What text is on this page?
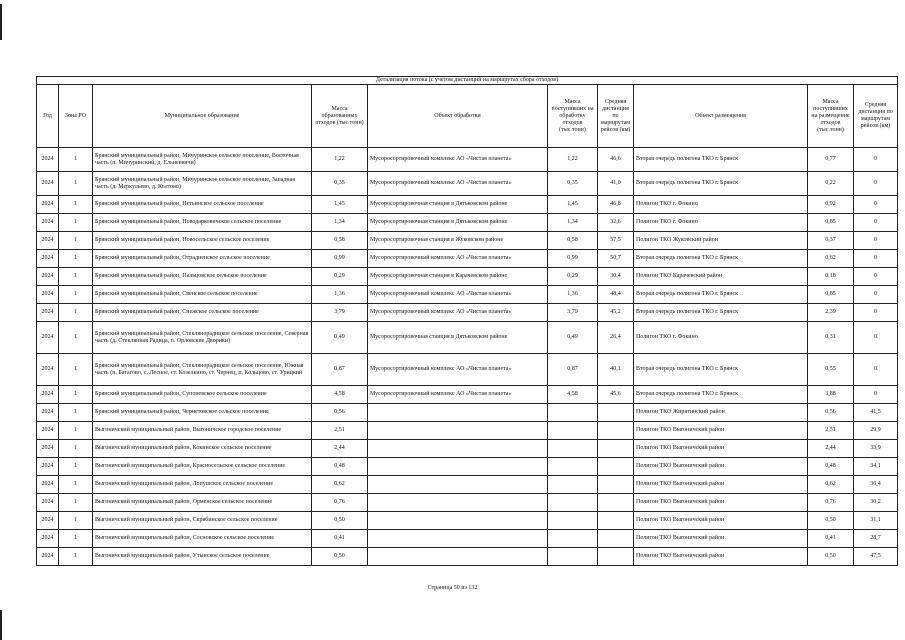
Детализация потока (с учетом дистанций на маршрутах сбора отходов)									
Год	Зона РО	Муниципальное образование	Масса образованных отходов (тыс.тонн)	Объект обработки	Масса поступивших на обработку отходов (тыс.тонн)	Средняя дистанция по маршрутам рейсов (км)	Объект размещения	Масса поступивших на размещение отходов (тыс.тонн)	Средняя дистанция по маршрутам рейсов (км)
2024	1	Брянский муниципальный район, Мичуринское сельское поселение, Восточная часть (п. Мичуринский, д. Ельнеевичи)	1,22	Мусоросортировочный комплекс АО «Чистая планета»	1,22	46,6	Вторая очередь полигона ТКО г. Брянск	0,77	0
2024	1	Брянский муниципальный район, Мичуринское сельское поселение, Западная часть (д. Меркульево, д. Колтово)	0,35	Мусоросортировочный комплекс АО «Чистая планета»	0,35	41,0	Вторая очередь полигона ТКО г. Брянск	0,22	0
2024	1	Брянский муниципальный район, Нетьинское сельское поселение	1,45	Мусоросортировочная станция в Дятьковском районе	1,45	46,8	Полигон ТКО г. Фокино	0,92	0
2024	1	Брянский муниципальный район, Новодарковичское сельское поселение	1,34	Мусоросортировочная станция в Дятьковском районе	1,34	32,6	Полигон ТКО г. Фокино	0,85	0
2024	1	Брянский муниципальный район, Новосельское сельское поселение	0,58	Мусоросортировочная станция в Жуковском районе	0,58	57,5	Полигон ТКО Жуковский район	0,37	0
2024	1	Брянский муниципальный район, Отрадненское сельское поселение	0,99	Мусоросортировочный комплекс АО «Чистая планета»	0,99	50,7	Вторая очередь полигона ТКО г. Брянск	0,62	0
2024	1	Брянский муниципальный район, Пальцовское сельское поселение	0,29	Мусоросортировочная станция в Карачевском районе	0,29	30,4	Полигон ТКО Карачевский район	0,18	0
2024	1	Брянский муниципальный район, Свенское сельское поселение	1,36	Мусоросортировочный комплекс АО «Чистая планета»	1,36	48,4	Вторая очередь полигона ТКО г. Брянск	0,85	0
2024	1	Брянский муниципальный район, Снежское сельское поселение	3,79	Мусоросортировочный комплекс АО «Чистая планета»	3,79	45,2	Вторая очередь полигона ТКО г. Брянск	2,39	0
2024	1	Брянский муниципальный район, Стеклянорадицкое сельское поселение, Северная часть (д. Стеклянная Радица, п. Орловские Дворики)	0,49	Мусоросортировочная станция в Дятьковском районе	0,49	26,4	Полигон ТКО г. Фокино	0,31	0
2024	1	Брянский муниципальный район, Стеклянорадицкое сельское поселение, Южная часть (п. Батагово, с. Лесное, ст. Козелкино, ст. Чернец, п. Кольцово, ст. Урицкий	0,87	Мусоросортировочный комплекс АО «Чистая планета»	0,87	40,1	Вторая очередь полигона ТКО г. Брянск	0,55	0
2024	1	Брянский муниципальный район, Супоневское сельское поселение	4,58	Мусоросортировочный комплекс АО «Чистая планета»	4,58	45,6	Вторая очередь полигона ТКО г. Брянск	3,88	0
2024	1	Брянский муниципальный район, Чернетовское сельское поселение	0,56				Полигон ТКО Жирятинский район	0,56	41,5
2024	1	Выгоничский муниципальный район, Выгоничское городское поселение	2,51				Полигон ТКО Выгоничский район	2,51	29,9
2024	1	Выгоничский муниципальный район, Кокинское сельское поселение	2,44				Полигон ТКО Выгоничский район	2,44	33,9
2024	1	Выгоничский муниципальный район, Красносельское сельское поселение	0,48				Полигон ТКО Выгоничский район	0,48	34,1
2024	1	Выгоничский муниципальный район, Лопушское сельское поселение	0,62				Полигон ТКО Выгоничский район	0,62	36,4
2024	1	Выгоничский муниципальный район, Орменское сельское поселение	0,76				Полигон ТКО Выгоничский район	0,76	30,2
2024	1	Выгоничский муниципальный район, Скрябинское сельское поселение	0,50				Полигон ТКО Выгоничский район	0,50	31,1
2024	1	Выгоничский муниципальный район, Сосновское сельское поселение	0,41				Полигон ТКО Выгоничский район	0,41	28,7
2024	1	Выгоничский муниципальный район, Утынское сельское поселение	0,50				Полигон ТКО Выгоничский район	0,50	47,5
Страница 50 из 132
